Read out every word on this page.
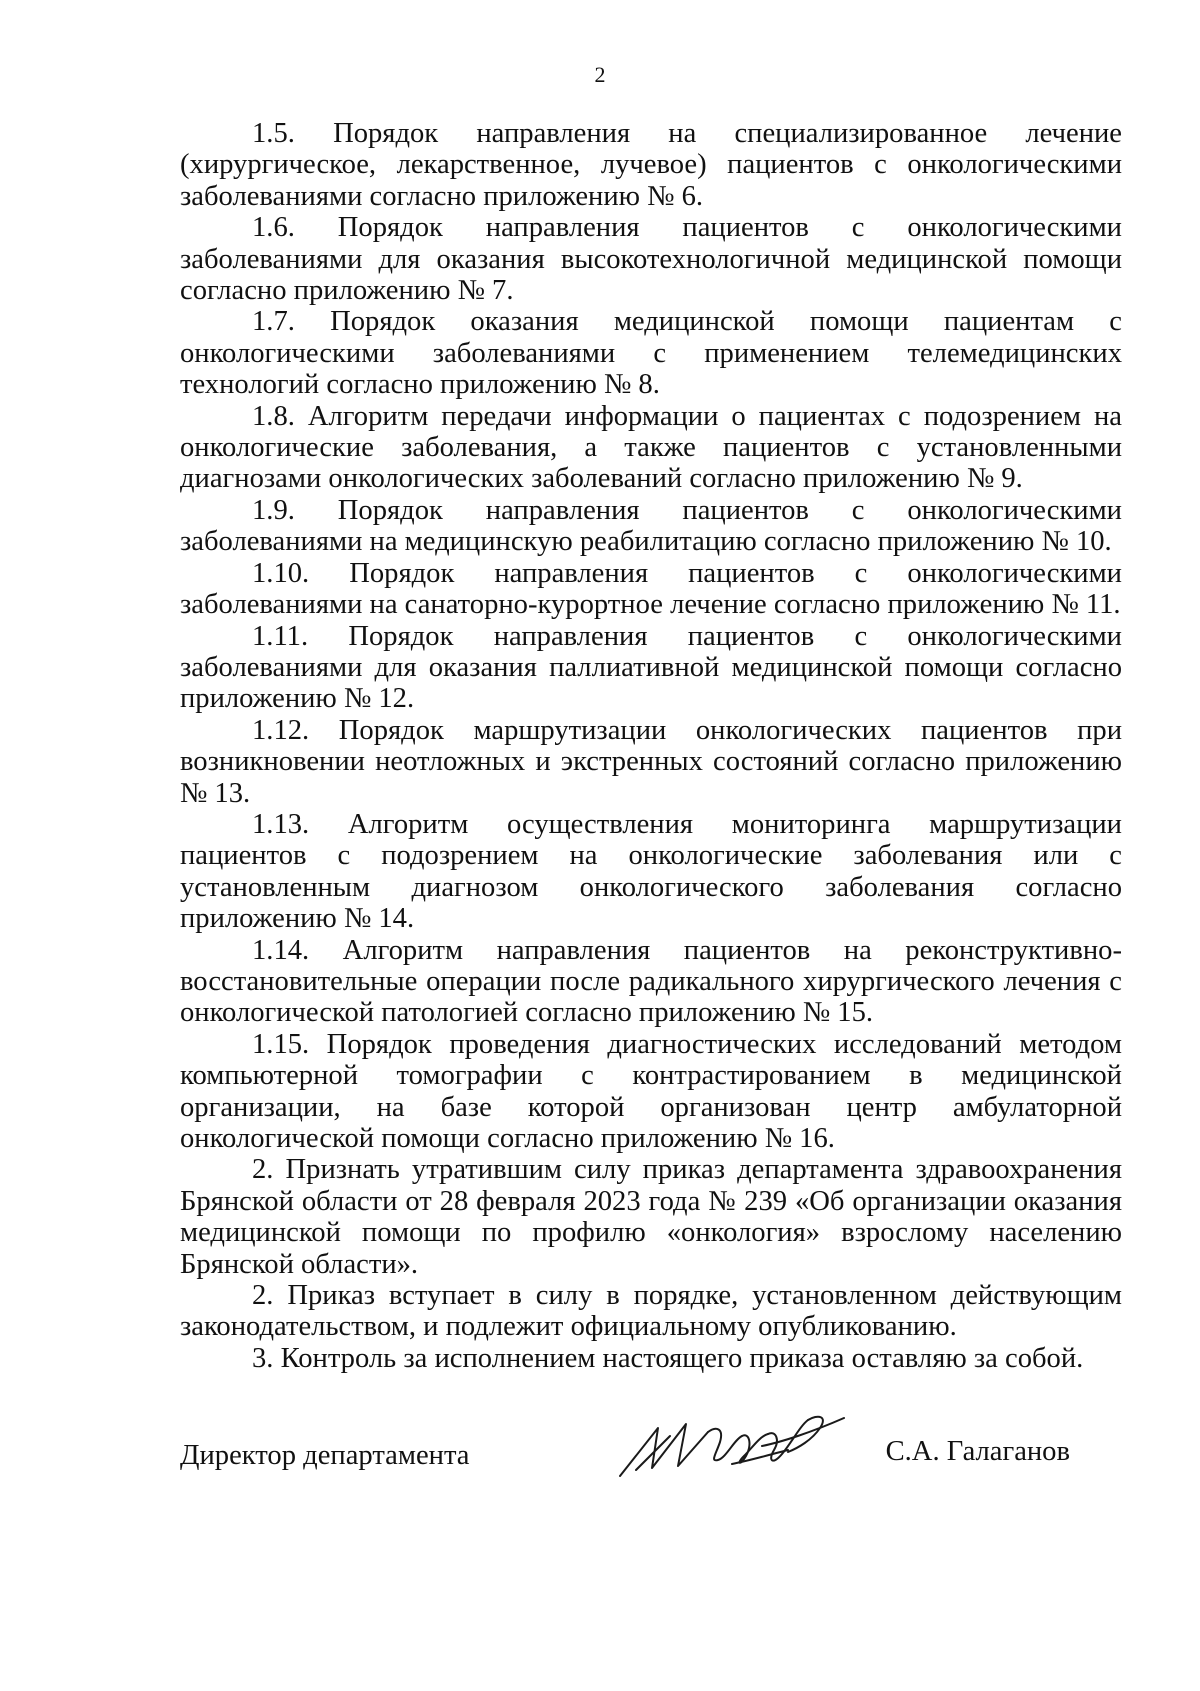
2

1.5. Порядок направления на специализированное лечение (хирургическое, лекарственное, лучевое) пациентов с онкологическими заболеваниями согласно приложению № 6.

1.6. Порядок направления пациентов с онкологическими заболеваниями для оказания высокотехнологичной медицинской помощи согласно приложению № 7.

1.7. Порядок оказания медицинской помощи пациентам с онкологическими заболеваниями с применением телемедицинских технологий согласно приложению № 8.

1.8. Алгоритм передачи информации о пациентах с подозрением на онкологические заболевания, а также пациентов с установленными диагнозами онкологических заболеваний согласно приложению № 9.

1.9. Порядок направления пациентов с онкологическими заболеваниями на медицинскую реабилитацию согласно приложению № 10.

1.10. Порядок направления пациентов с онкологическими заболеваниями на санаторно-курортное лечение согласно приложению № 11.

1.11. Порядок направления пациентов с онкологическими заболеваниями для оказания паллиативной медицинской помощи согласно приложению № 12.

1.12. Порядок маршрутизации онкологических пациентов при возникновении неотложных и экстренных состояний согласно приложению № 13.

1.13. Алгоритм осуществления мониторинга маршрутизации пациентов с подозрением на онкологические заболевания или с установленным диагнозом онкологического заболевания согласно приложению № 14.

1.14. Алгоритм направления пациентов на реконструктивно-восстановительные операции после радикального хирургического лечения с онкологической патологией согласно приложению № 15.

1.15. Порядок проведения диагностических исследований методом компьютерной томографии с контрастированием в медицинской организации, на базе которой организован центр амбулаторной онкологической помощи согласно приложению № 16.

2. Признать утратившим силу приказ департамента здравоохранения Брянской области от 28 февраля 2023 года № 239 «Об организации оказания медицинской помощи по профилю «онкология» взрослому населению Брянской области».

2. Приказ вступает в силу в порядке, установленном действующим законодательством, и подлежит официальному опубликованию.

3. Контроль за исполнением настоящего приказа оставляю за собой.

Директор департамента	С.А. Галаганов
